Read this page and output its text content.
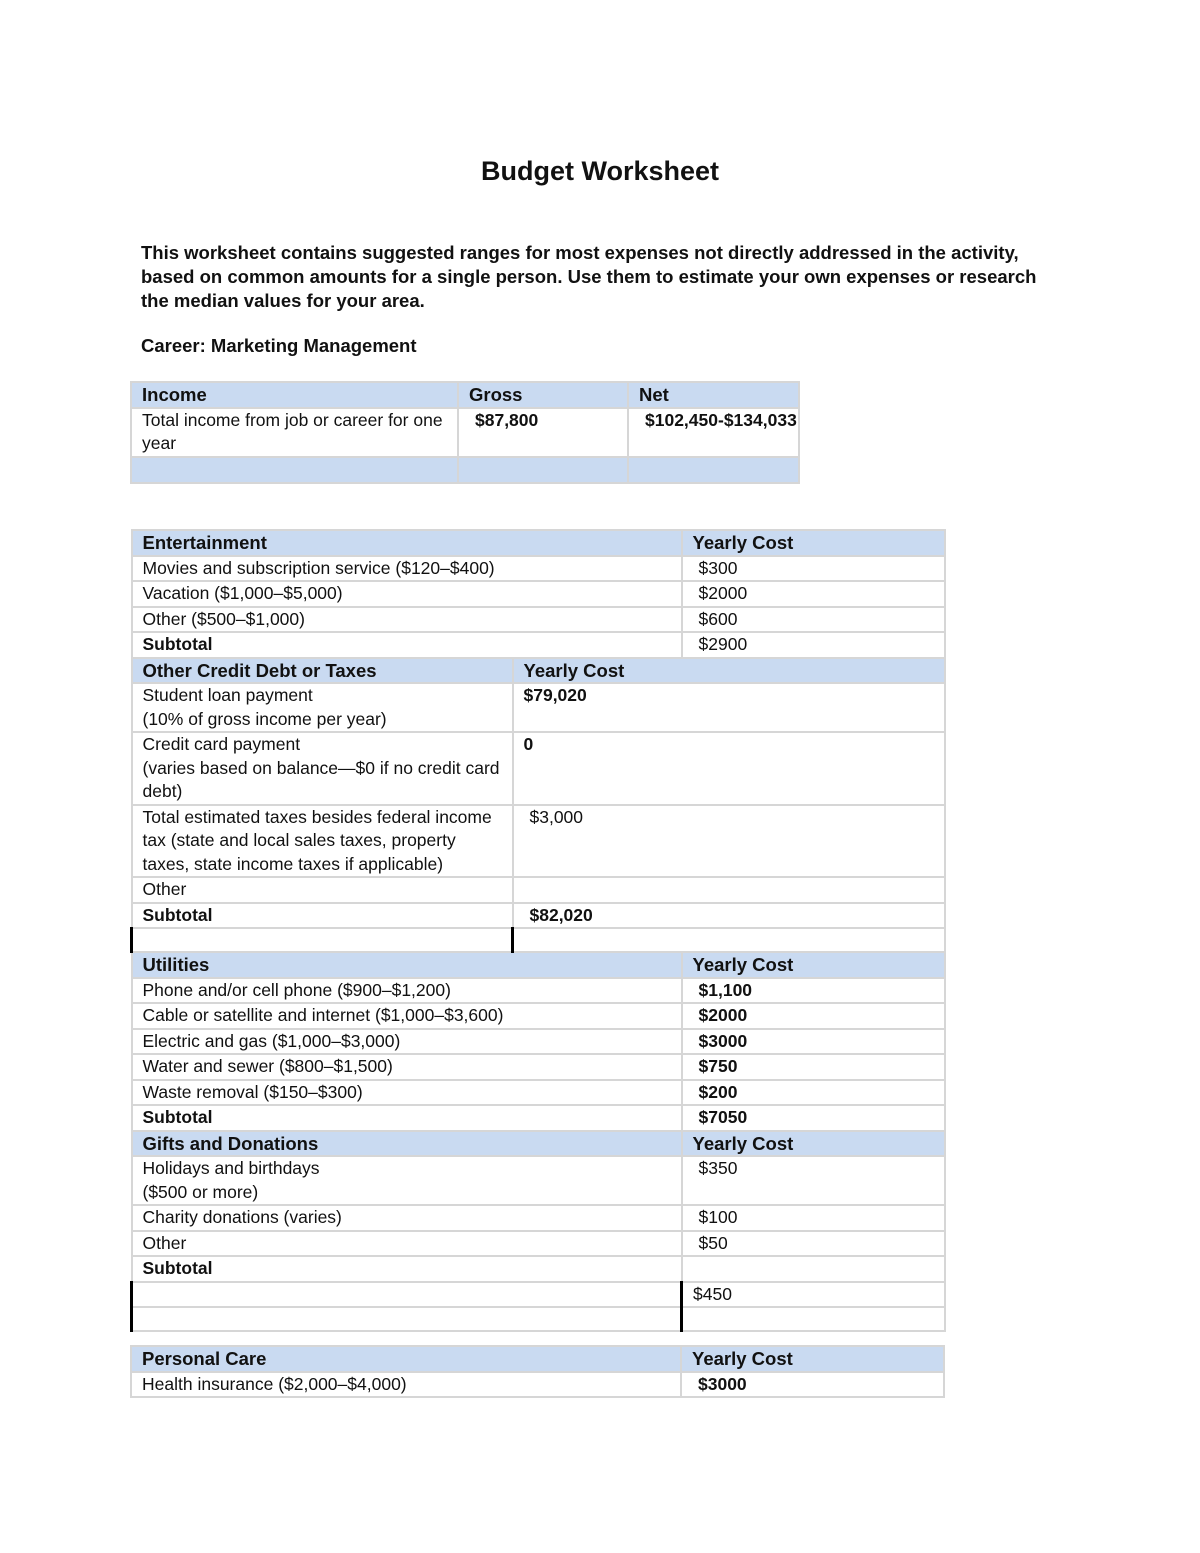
Budget Worksheet
This worksheet contains suggested ranges for most expenses not directly addressed in the activity, based on common amounts for a single person. Use them to estimate your own expenses or research the median values for your area.
Career: Marketing Management
Income	Gross	Net
Total income from job or career for one year	$87,800	$102,450-$134,033

Entertainment		Yearly Cost
Movies and subscription service ($120–$400)		$300
Vacation ($1,000–$5,000)		$2000
Other ($500–$1,000)		$600
Subtotal		$2900
Other Credit Debt or Taxes	Yearly Cost	
Student loan payment
(10% of gross income per year)	$79,020	
Credit card payment
(varies based on balance—$0 if no credit card debt)	0	
Total estimated taxes besides federal income tax (state and local sales taxes, property taxes, state income taxes if applicable)	$3,000	
Other		
Subtotal	$82,020	

Utilities		Yearly Cost
Phone and/or cell phone ($900–$1,200)		$1,100
Cable or satellite and internet ($1,000–$3,600)		$2000
Electric and gas ($1,000–$3,000)		$3000
Water and sewer ($800–$1,500)		$750
Waste removal ($150–$300)		$200
Subtotal		$7050
Gifts and Donations		Yearly Cost
Holidays and birthdays
($500 or more)		$350
Charity donations (varies)		$100
Other		$50
Subtotal		
		$450

Personal Care	Yearly Cost
Health insurance ($2,000–$4,000)	$3000
